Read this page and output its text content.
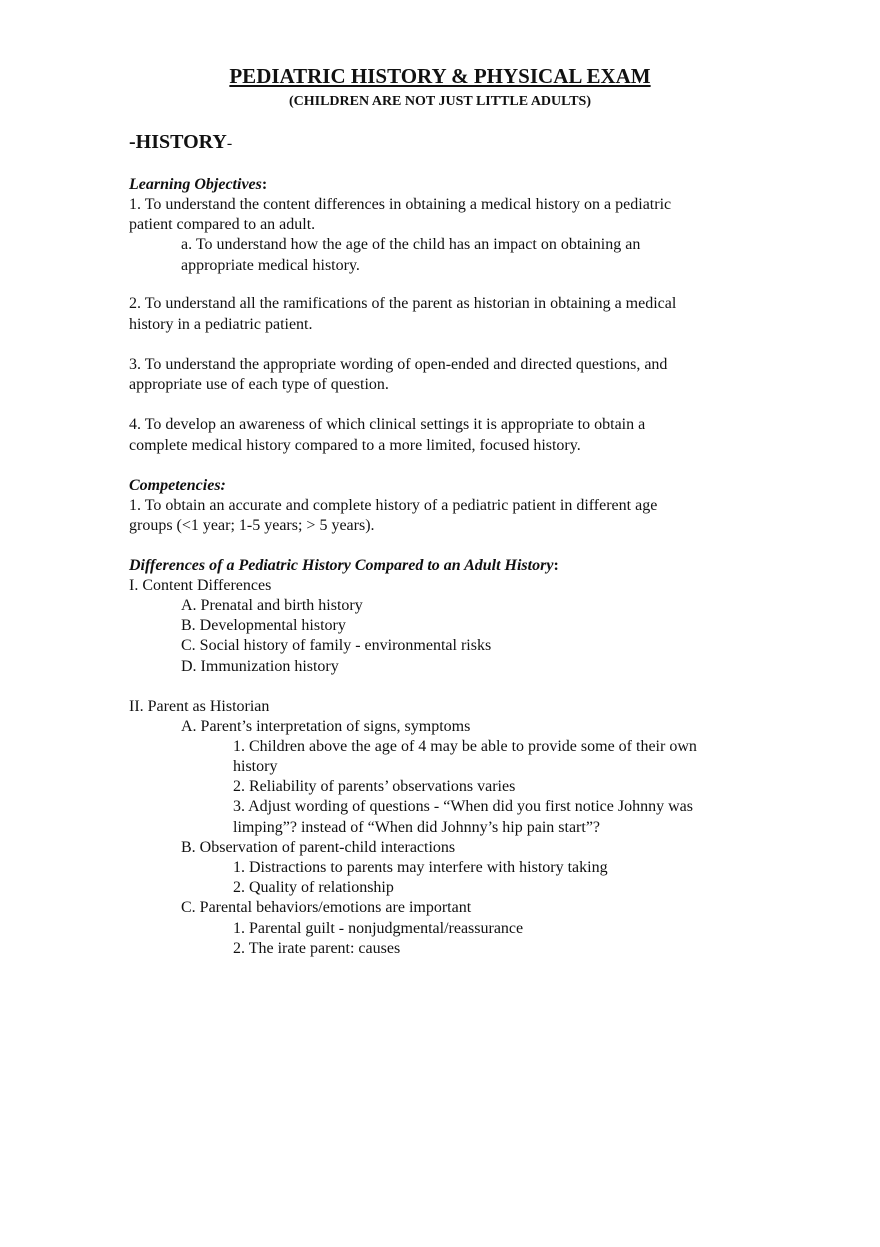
PEDIATRIC HISTORY & PHYSICAL EXAM
(CHILDREN ARE NOT JUST LITTLE ADULTS)
-HISTORY-
Learning Objectives:
1. To understand the content differences in obtaining a medical history on a pediatric
patient compared to an adult.
a. To understand how the age of the child has an impact on obtaining an
appropriate medical history.
2. To understand all the ramifications of the parent as historian in obtaining a medical
history in a pediatric patient.
3. To understand the appropriate wording of open-ended and directed questions, and
appropriate use of each type of question.
4. To develop an awareness of which clinical settings it is appropriate to obtain a
complete medical history compared to a more limited, focused history.
Competencies:
1. To obtain an accurate and complete history of a pediatric patient in different age
groups (<1 year; 1-5 years; > 5 years).
Differences of a Pediatric History Compared to an Adult History:
I. Content Differences
A. Prenatal and birth history
B. Developmental history
C. Social history of family - environmental risks
D. Immunization history
II. Parent as Historian
A. Parent’s interpretation of signs, symptoms
1. Children above the age of 4 may be able to provide some of their own
history
2. Reliability of parents’ observations varies
3. Adjust wording of questions - “When did you first notice Johnny was
limping”? instead of “When did Johnny’s hip pain start”?
B. Observation of parent-child interactions
1. Distractions to parents may interfere with history taking
2. Quality of relationship
C. Parental behaviors/emotions are important
1. Parental guilt - nonjudgmental/reassurance
2. The irate parent: causes
